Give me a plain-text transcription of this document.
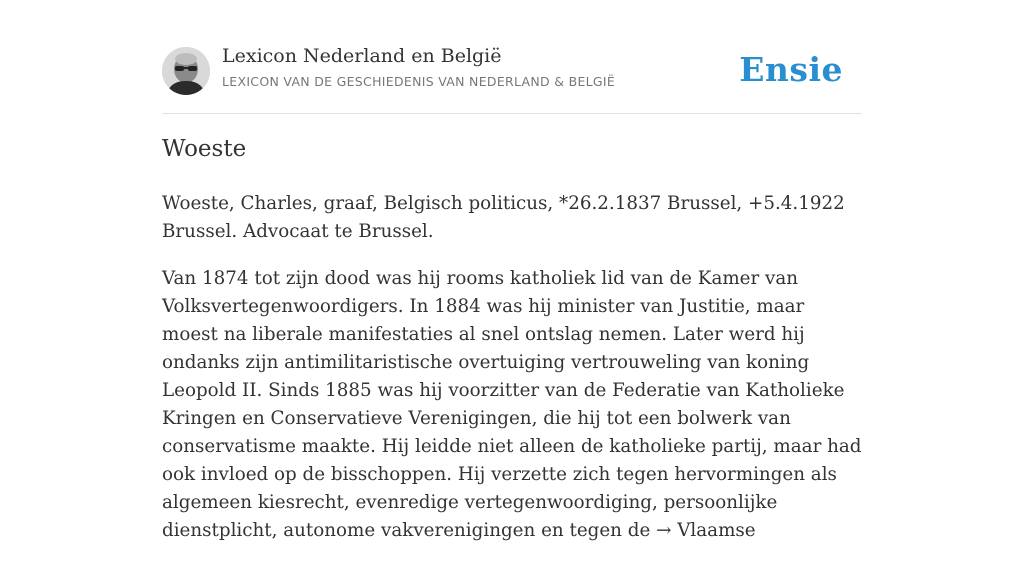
Lexicon Nederland en België
LEXICON VAN DE GESCHIEDENIS VAN NEDERLAND & BELGIË	Ensie
Woeste

Woeste, Charles, graaf, Belgisch politicus, *26.2.1837 Brussel, +5.4.1922 Brussel. Advocaat te Brussel.

Van 1874 tot zijn dood was hij rooms katholiek lid van de Kamer van Volksvertegenwoordigers. In 1884 was hij minister van Justitie, maar moest na liberale manifestaties al snel ontslag nemen. Later werd hij ondanks zijn antimilitaristische overtuiging vertrouweling van koning Leopold II. Sinds 1885 was hij voorzitter van de Federatie van Katholieke Kringen en Conservatieve Verenigingen, die hij tot een bolwerk van conservatisme maakte. Hij leidde niet alleen de katholieke partij, maar had ook invloed op de bisschoppen. Hij verzette zich tegen hervormingen als algemeen kiesrecht, evenredige vertegenwoordiging, persoonlijke dienstplicht, autonome vakverenigingen en tegen de → Vlaamse
